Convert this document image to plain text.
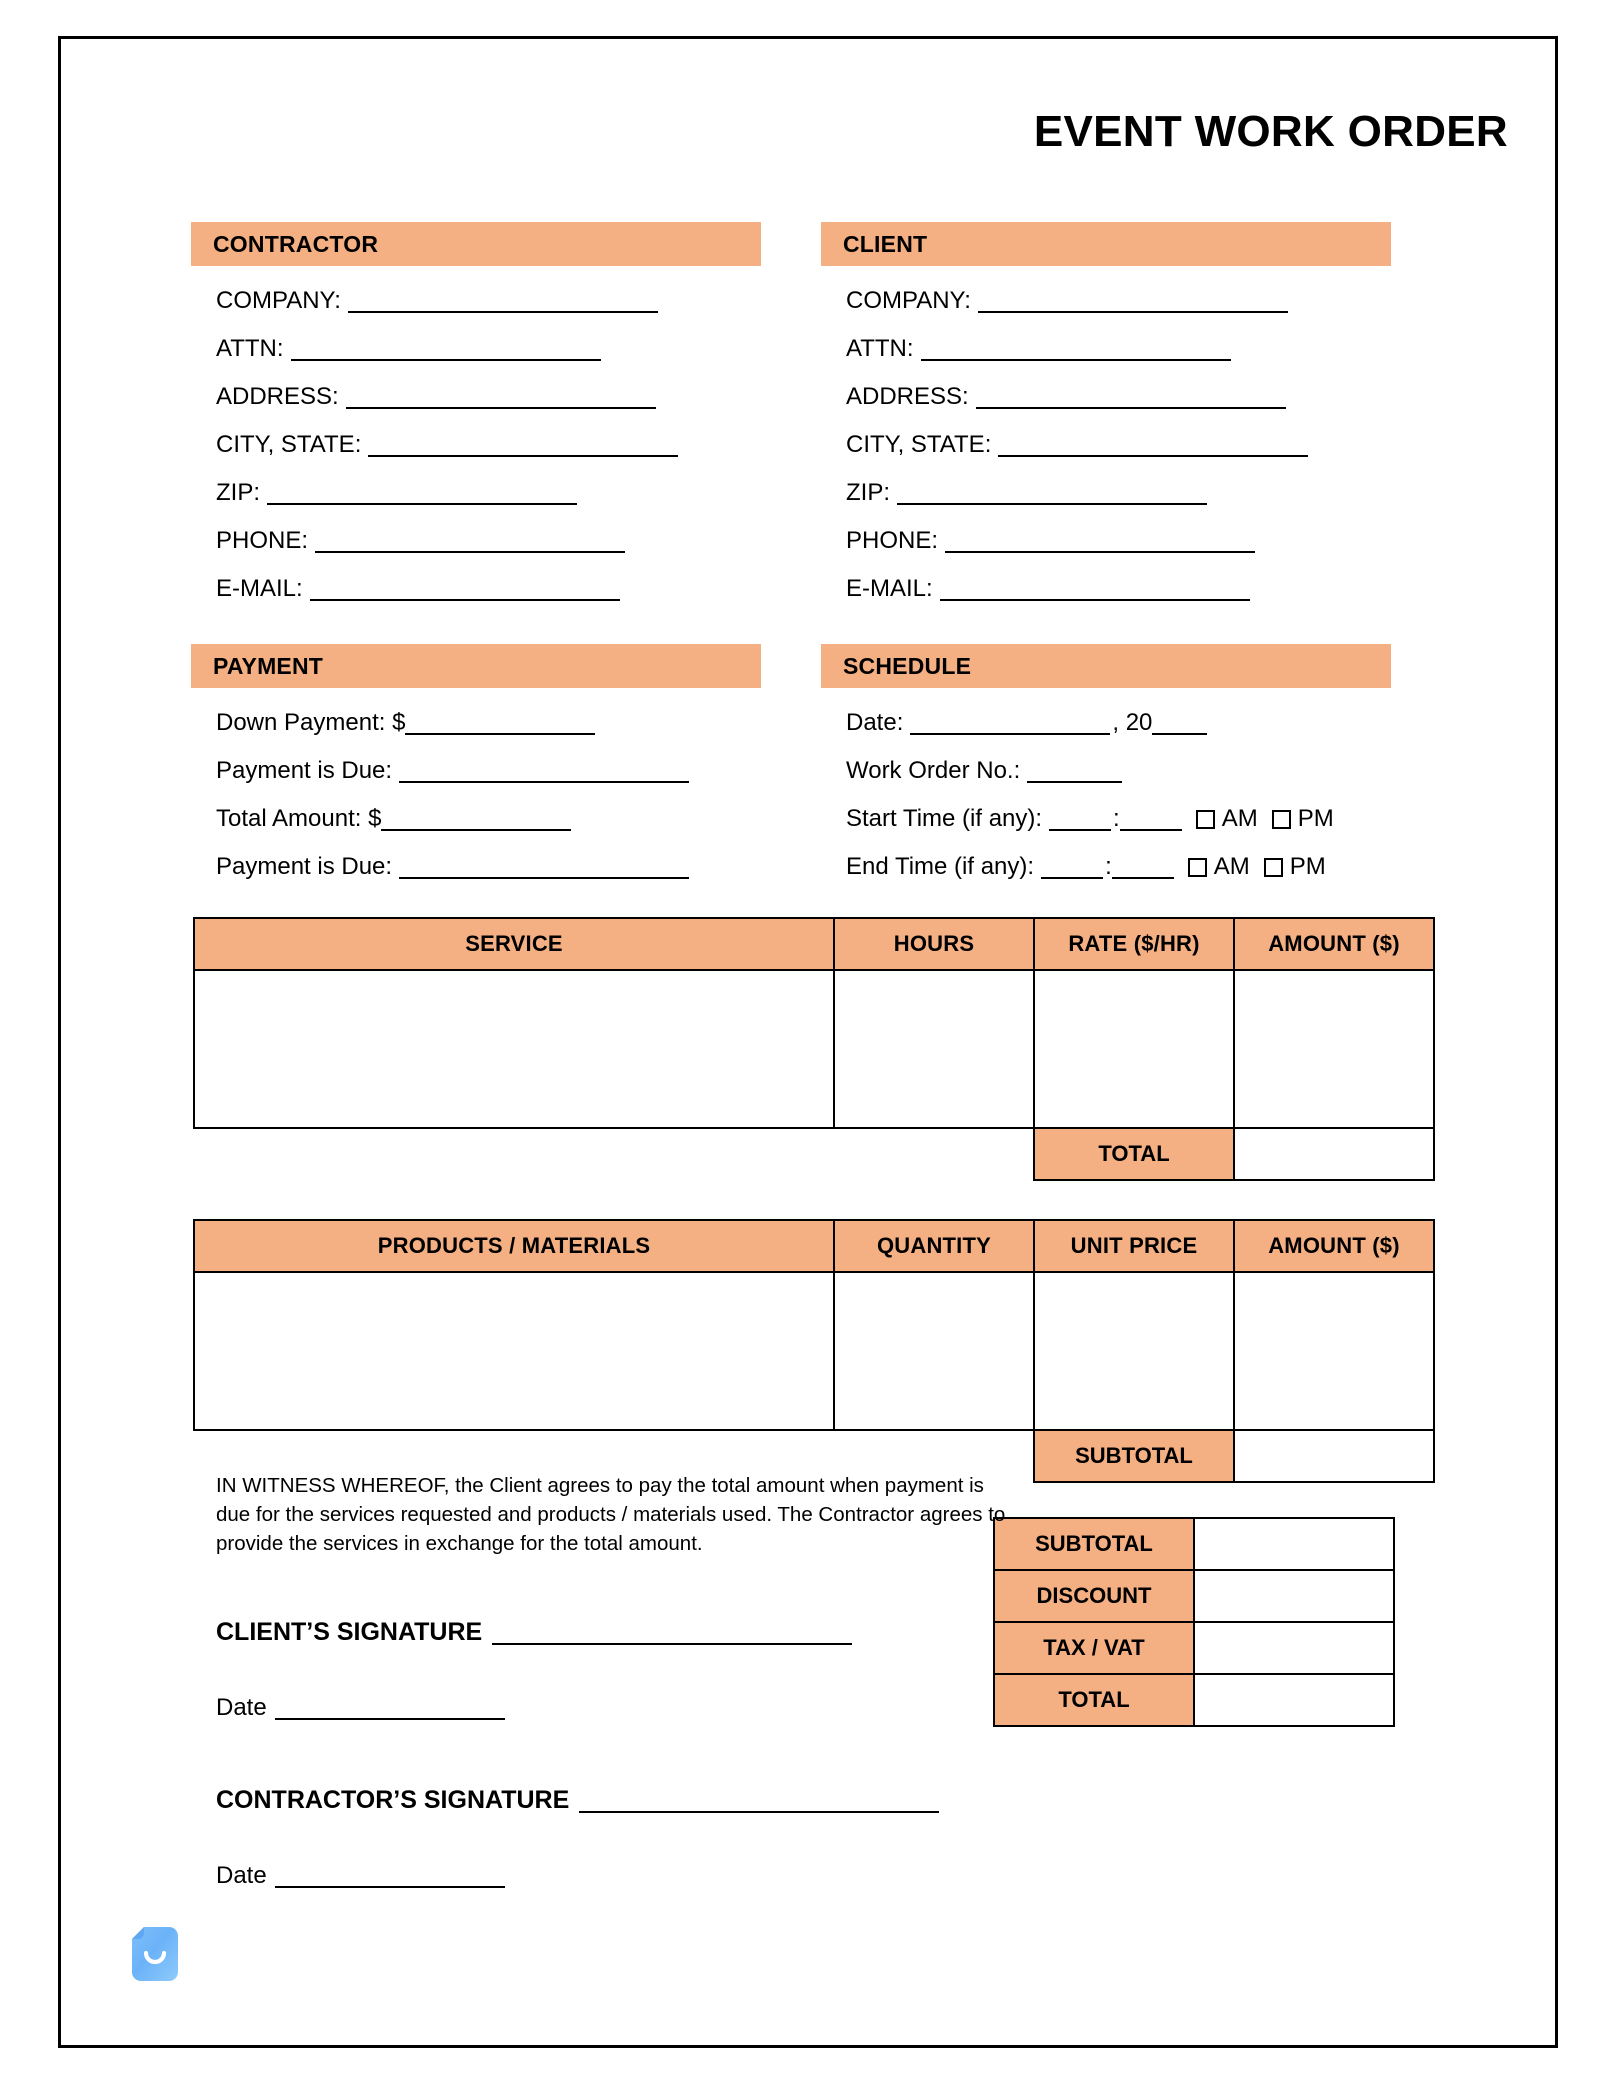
EVENT WORK ORDER
CONTRACTOR
COMPANY:
ATTN:
ADDRESS:
CITY, STATE:
ZIP:
PHONE:
E-MAIL:
CLIENT
COMPANY:
ATTN:
ADDRESS:
CITY, STATE:
ZIP:
PHONE:
E-MAIL:
PAYMENT
Down Payment: $
Payment is Due:
Total Amount: $
Payment is Due:
SCHEDULE
Date:	, 20
Work Order No.:
Start Time (if any):	:	AM PM
End Time (if any):	:	AM PM
SERVICE	HOURS	RATE ($/HR)	AMOUNT ($)

		TOTAL	
PRODUCTS / MATERIALS	QUANTITY	UNIT PRICE	AMOUNT ($)

		SUBTOTAL	
SUBTOTAL	
DISCOUNT	
TAX / VAT	
TOTAL	
IN WITNESS WHEREOF, the Client agrees to pay the total amount when payment is due for the services requested and products / materials used. The Contractor agrees to provide the services in exchange for the total amount.
CLIENT’S SIGNATURE
Date
CONTRACTOR’S SIGNATURE
Date
